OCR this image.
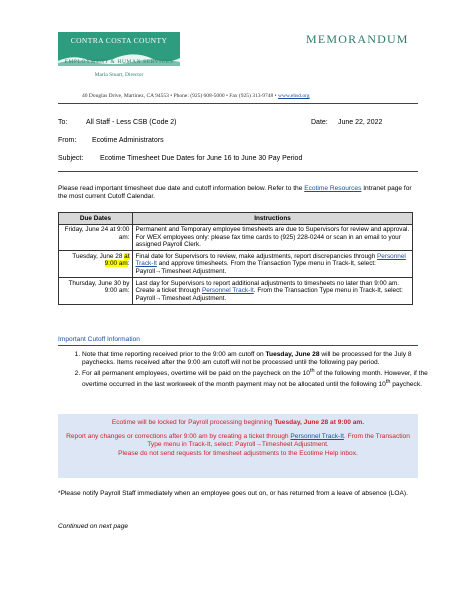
CONTRA COSTA COUNTY
EMPLOYMENT & HUMAN SERVICES
Marla Stuart, Director
MEMORANDUM
40 Douglas Drive, Martinez, CA 94553 • Phone: (925) 608-5000 • Fax (925) 313-9748 • www.ehsd.org
To:	All Staff - Less CSB (Code 2)	Date: June 22, 2022
From: Ecotime Administrators
Subject: Ecotime Timesheet Due Dates for June 16 to June 30 Pay Period
Please read important timesheet due date and cutoff information below. Refer to the Ecotime Resources Intranet page for the most current Cutoff Calendar.
Due Dates	Instructions
Friday, June 24 at 9:00 am:	Permanent and Temporary employee timesheets are due to Supervisors for review and approval. For WEX employees only: please fax time cards to (925) 228-0244 or scan in an email to your assigned Payroll Clerk.
Tuesday, June 28 at
9:00 am:	Final date for Supervisors to review, make adjustments, report discrepancies through Personnel Track-It and approve timesheets. From the Transaction Type menu in Track-It, select: Payroll→Timesheet Adjustment.
Thursday, June 30 by 9:00 am:	Last day for Supervisors to report additional adjustments to timesheets no later than 9:00 am. Create a ticket through Personnel Track-It. From the Transaction Type menu in Track-It, select: Payroll→Timesheet Adjustment.
Important Cutoff Information
1. Note that time reporting received prior to the 9:00 am cutoff on Tuesday, June 28 will be processed for the July 8 paychecks. Items received after the 9:00 am cutoff will not be processed until the following pay period.
2. For all permanent employees, overtime will be paid on the paycheck on the 10th of the following month. However, if the overtime occurred in the last workweek of the month payment may not be allocated until the following 10th paycheck.
Ecotime will be locked for Payroll processing beginning Tuesday, June 28 at 9:00 am.
Report any changes or corrections after 9:00 am by creating a ticket through Personnel Track-It. From the Transaction Type menu in Track-It, select: Payroll→Timesheet Adjustment.
Please do not send requests for timesheet adjustments to the Ecotime Help inbox.
*Please notify Payroll Staff immediately when an employee goes out on, or has returned from a leave of absence (LOA).
Continued on next page
